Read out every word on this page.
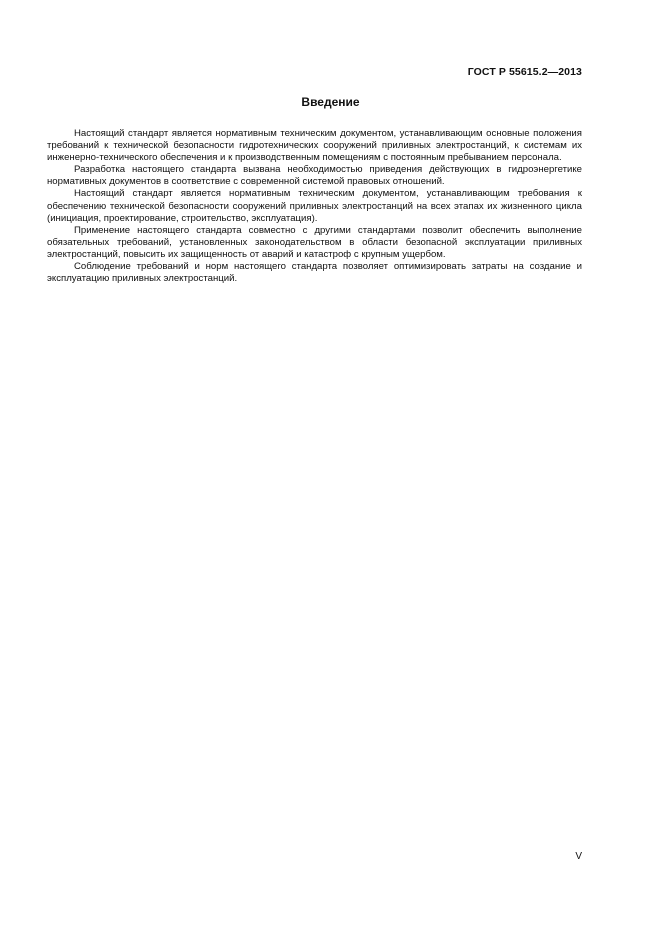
ГОСТ Р 55615.2—2013
Введение

Настоящий стандарт является нормативным техническим документом, устанавливающим основные положения требований к технической безопасности гидротехнических сооружений приливных электростанций, к системам их инженерно-технического обеспечения и к производственным помещениям с постоянным пребыванием персонала.

Разработка настоящего стандарта вызвана необходимостью приведения действующих в гидроэнергетике нормативных документов в соответствие с современной системой правовых отношений.

Настоящий стандарт является нормативным техническим документом, устанавливающим требования к обеспечению технической безопасности сооружений приливных электростанций на всех этапах их жизненного цикла (инициация, проектирование, строительство, эксплуатация).

Применение настоящего стандарта совместно с другими стандартами позволит обеспечить выполнение обязательных требований, установленных законодательством в области безопасной эксплуатации приливных электростанций, повысить их защищенность от аварий и катастроф с крупным ущербом.

Соблюдение требований и норм настоящего стандарта позволяет оптимизировать затраты на создание и эксплуатацию приливных электростанций.

V
